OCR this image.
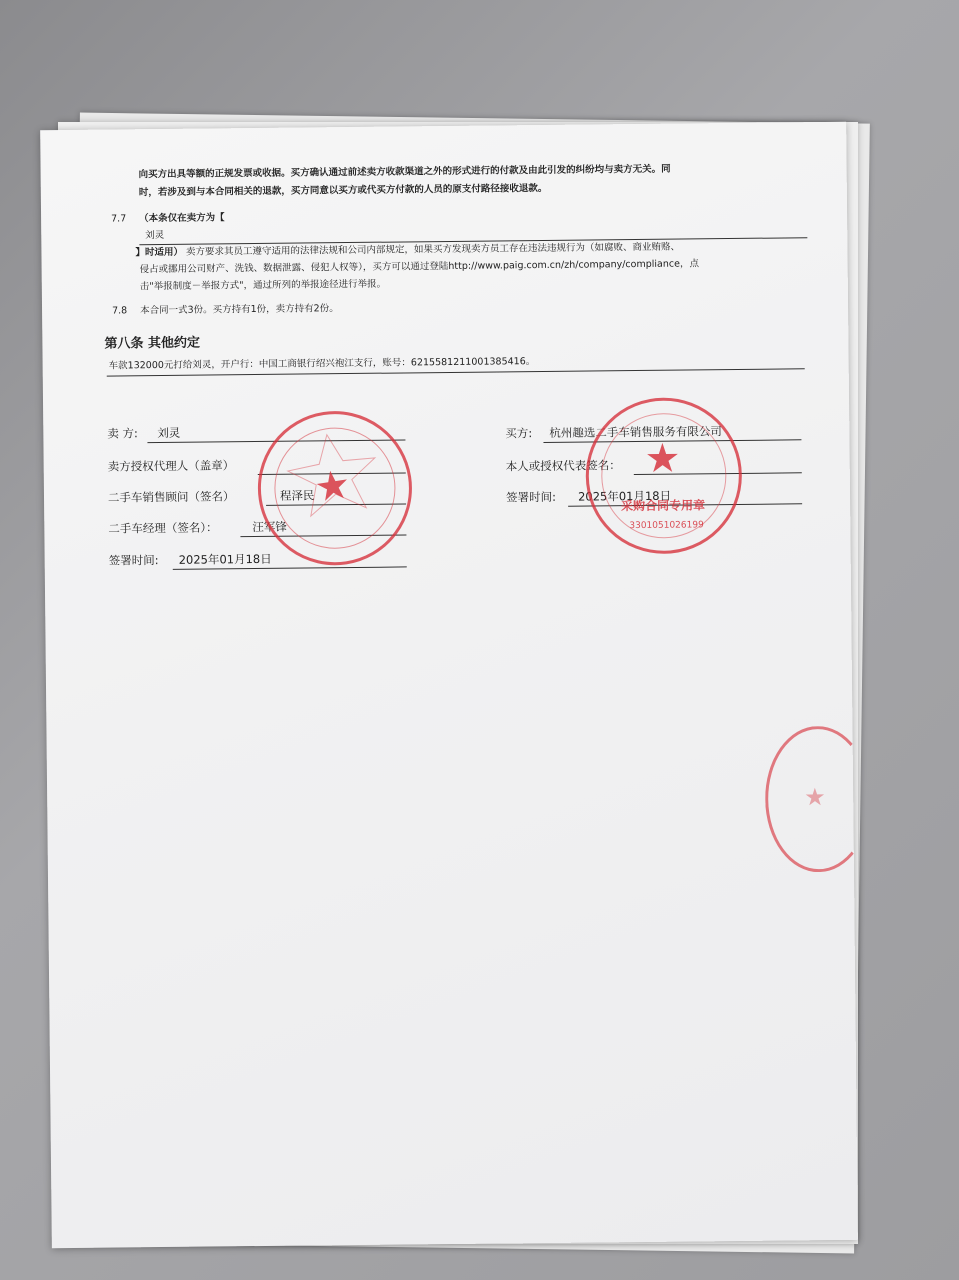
向买方出具等额的正规发票或收据。买方确认通过前述卖方收款渠道之外的形式进行的付款及由此引发的纠纷均与卖方无关。同
时，若涉及到与本合同相关的退款，买方同意以买方或代买方付款的人员的原支付路径接收退款。
7.7 （本条仅在卖方为【
刘灵
】时适用） 卖方要求其员工遵守适用的法律法规和公司内部规定，如果买方发现卖方员工存在违法违规行为（如腐败、商业贿赂、
侵占或挪用公司财产、洗钱、数据泄露、侵犯人权等），买方可以通过登陆http://www.paig.com.cn/zh/company/compliance，点
击"举报制度－举报方式"，通过所列的举报途径进行举报。
7.8 本合同一式3份。买方持有1份，卖方持有2份。
第八条 其他约定
车款132000元打给刘灵，开户行：中国工商银行绍兴袍江支行，账号：6215581211001385416。
卖 方: 刘灵
卖方授权代理人（盖章）
二手车销售顾问（签名）	程泽民
二手车经理（签名）：	汪军锋
签署时间: 2025年01月18日
买方: 杭州趣选二手车销售服务有限公司
本人或授权代表签名：
签署时间: 2025年01月18日
★
★
采购合同专用章
3301051026199
★
